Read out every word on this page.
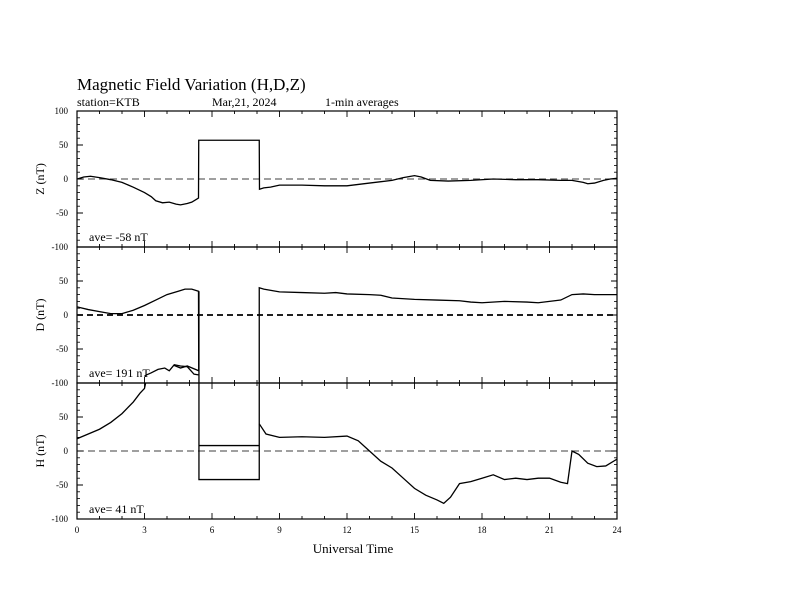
Magnetic Field Variation (H,D,Z)
station=KTB	Mar,21, 2024	1-min averages
100
50
0
-50
-100
Z (nT)
ave= -58 nT
50
0
-50
-100
D (nT)
ave= 191 nT
50
0
-50
-100
H (nT)
ave= 41 nT
0	3	6	9	12	15	18	21	24
Universal Time
